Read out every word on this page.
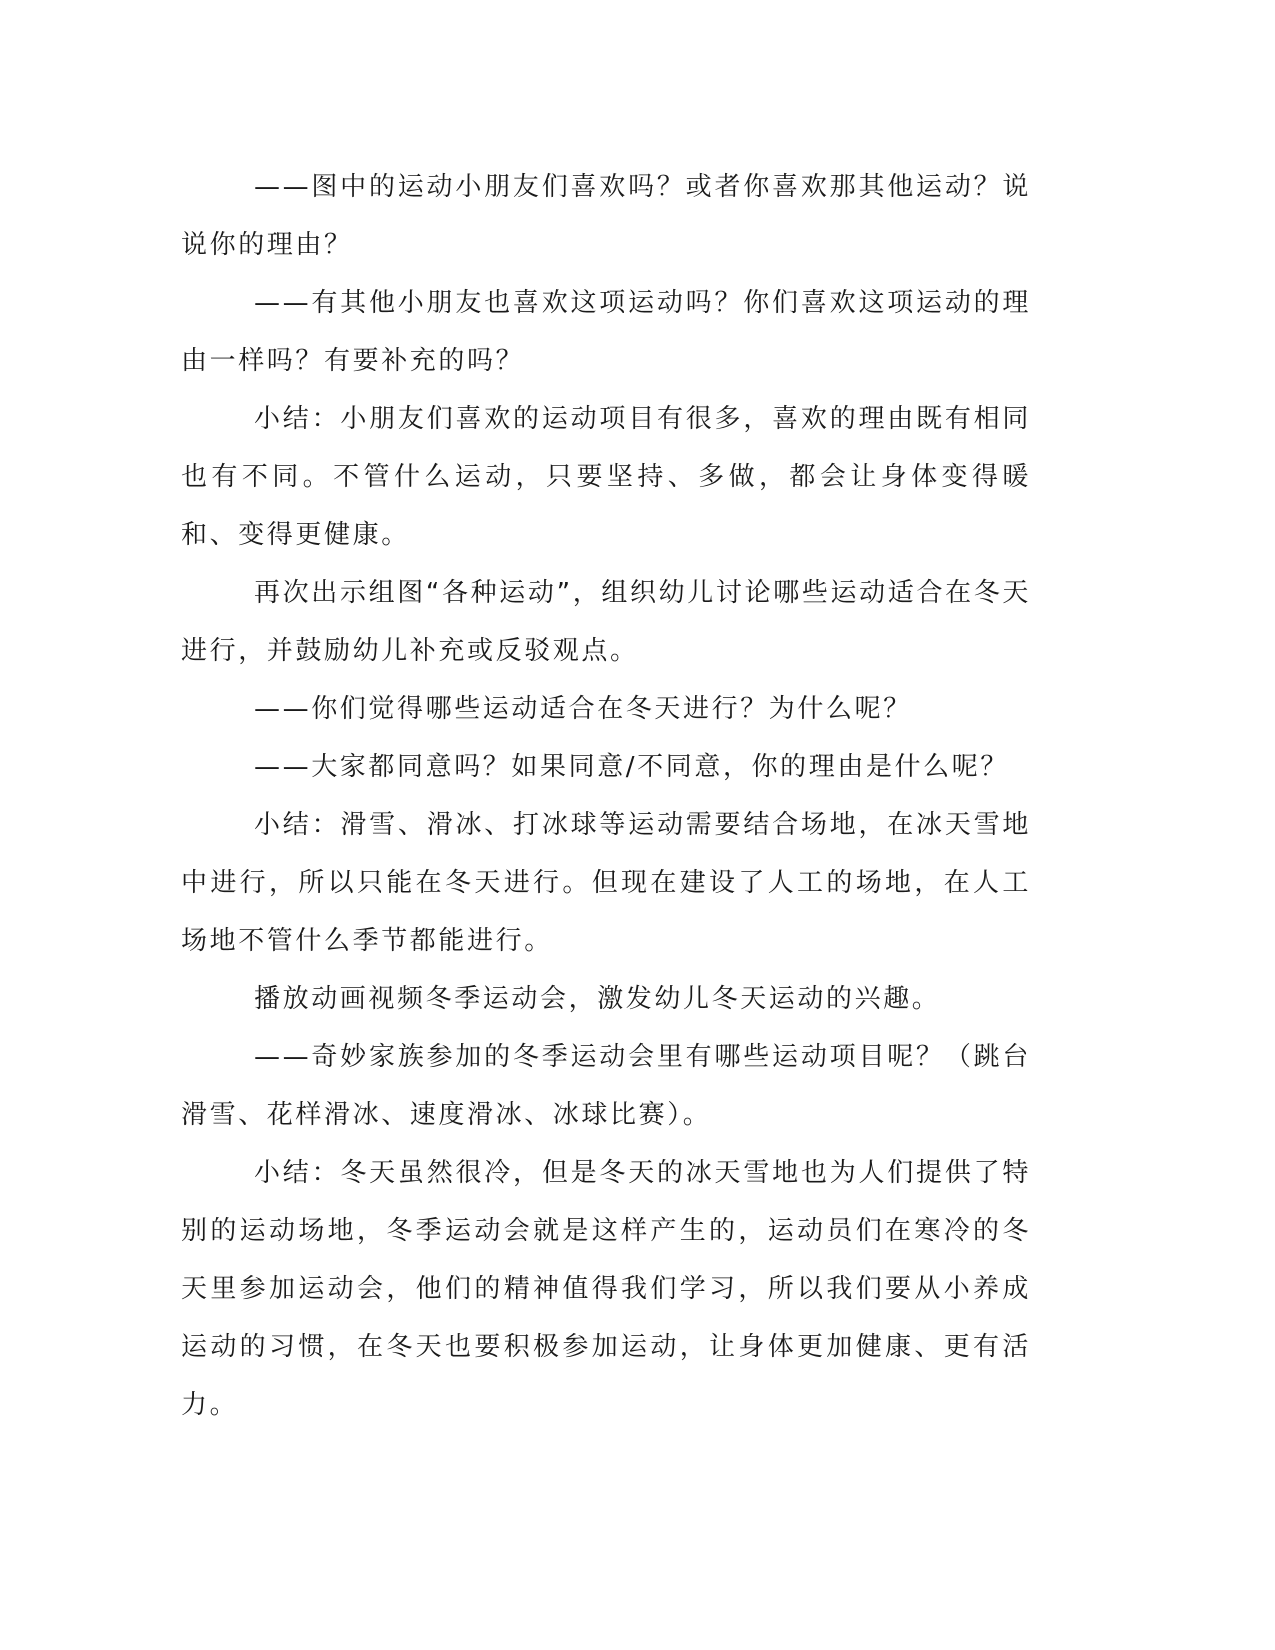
——图中的运动小朋友们喜欢吗？或者你喜欢那其他运动？说说你的理由？

——有其他小朋友也喜欢这项运动吗？你们喜欢这项运动的理由一样吗？有要补充的吗？

小结：小朋友们喜欢的运动项目有很多，喜欢的理由既有相同也有不同。不管什么运动，只要坚持、多做，都会让身体变得暖和、变得更健康。

再次出示组图“各种运动”，组织幼儿讨论哪些运动适合在冬天进行，并鼓励幼儿补充或反驳观点。

——你们觉得哪些运动适合在冬天进行？为什么呢？

——大家都同意吗？如果同意/不同意，你的理由是什么呢？

小结：滑雪、滑冰、打冰球等运动需要结合场地，在冰天雪地中进行，所以只能在冬天进行。但现在建设了人工的场地，在人工场地不管什么季节都能进行。

播放动画视频冬季运动会，激发幼儿冬天运动的兴趣。

——奇妙家族参加的冬季运动会里有哪些运动项目呢？（跳台滑雪、花样滑冰、速度滑冰、冰球比赛）。

小结：冬天虽然很冷，但是冬天的冰天雪地也为人们提供了特别的运动场地，冬季运动会就是这样产生的，运动员们在寒冷的冬天里参加运动会，他们的精神值得我们学习，所以我们要从小养成运动的习惯，在冬天也要积极参加运动，让身体更加健康、更有活力。
